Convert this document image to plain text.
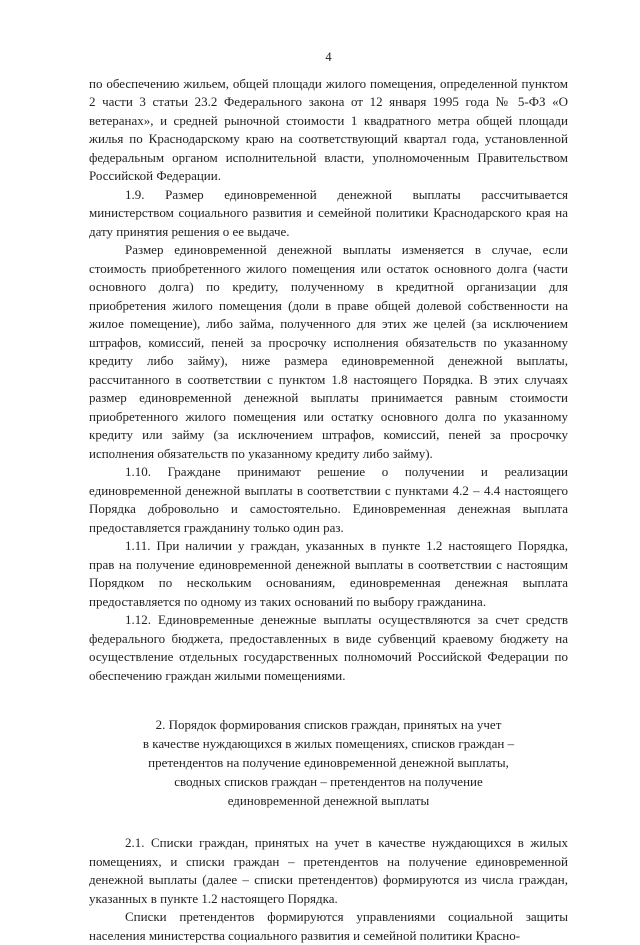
4

по обеспечению жильем, общей площади жилого помещения, определенной пунктом 2 части 3 статьи 23.2 Федерального закона от 12 января 1995 года № 5-ФЗ «О ветеранах», и средней рыночной стоимости 1 квадратного метра общей площади жилья по Краснодарскому краю на соответствующий квартал года, установленной федеральным органом исполнительной власти, уполномоченным Правительством Российской Федерации.

1.9. Размер единовременной денежной выплаты рассчитывается министерством социального развития и семейной политики Краснодарского края на дату принятия решения о ее выдаче.

Размер единовременной денежной выплаты изменяется в случае, если стоимость приобретенного жилого помещения или остаток основного долга (части основного долга) по кредиту, полученному в кредитной организации для приобретения жилого помещения (доли в праве общей долевой собственности на жилое помещение), либо займа, полученного для этих же целей (за исключением штрафов, комиссий, пеней за просрочку исполнения обязательств по указанному кредиту либо займу), ниже размера единовременной денежной выплаты, рассчитанного в соответствии с пунктом 1.8 настоящего Порядка. В этих случаях размер единовременной денежной выплаты принимается равным стоимости приобретенного жилого помещения или остатку основного долга по указанному кредиту или займу (за исключением штрафов, комиссий, пеней за просрочку исполнения обязательств по указанному кредиту либо займу).

1.10. Граждане принимают решение о получении и реализации единовременной денежной выплаты в соответствии с пунктами 4.2 – 4.4 настоящего Порядка добровольно и самостоятельно. Единовременная денежная выплата предоставляется гражданину только один раз.

1.11. При наличии у граждан, указанных в пункте 1.2 настоящего Порядка, прав на получение единовременной денежной выплаты в соответствии с настоящим Порядком по нескольким основаниям, единовременная денежная выплата предоставляется по одному из таких оснований по выбору гражданина.

1.12. Единовременные денежные выплаты осуществляются за счет средств федерального бюджета, предоставленных в виде субвенций краевому бюджету на осуществление отдельных государственных полномочий Российской Федерации по обеспечению граждан жилыми помещениями.

2. Порядок формирования списков граждан, принятых на учет
в качестве нуждающихся в жилых помещениях, списков граждан –
претендентов на получение единовременной денежной выплаты,
сводных списков граждан – претендентов на получение
единовременной денежной выплаты

2.1. Списки граждан, принятых на учет в качестве нуждающихся в жилых помещениях, и списки граждан – претендентов на получение единовременной денежной выплаты (далее – списки претендентов) формируются из числа граждан, указанных в пункте 1.2 настоящего Порядка.

Списки претендентов формируются управлениями социальной защиты населения министерства социального развития и семейной политики Красно-
